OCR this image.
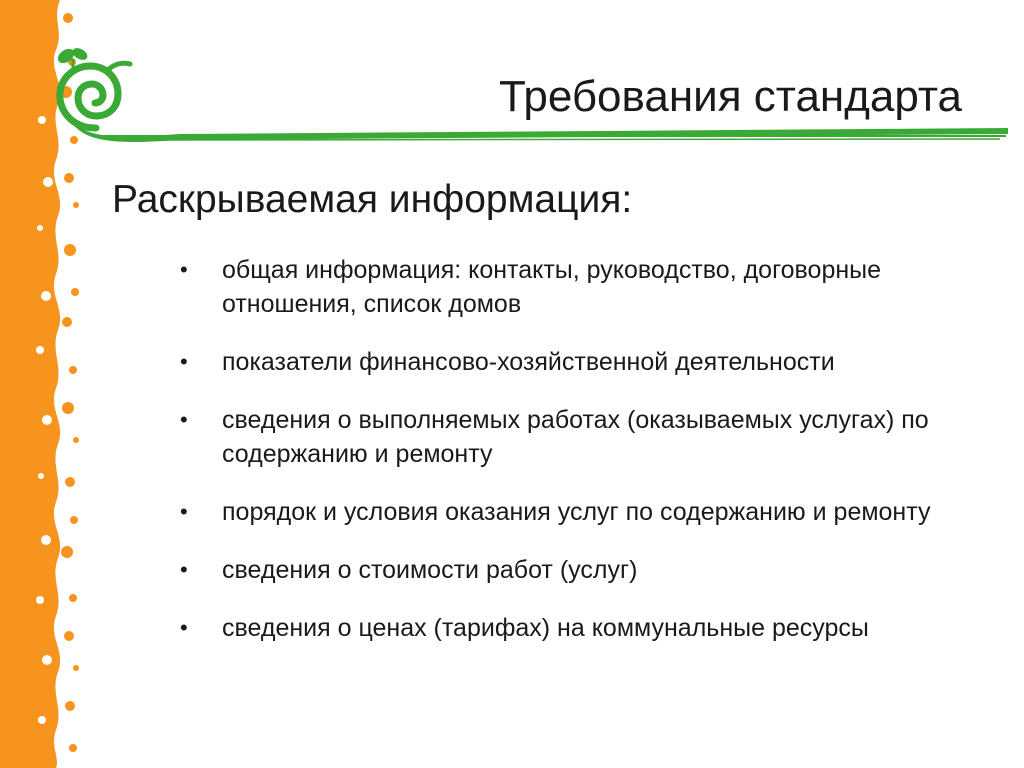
Требования стандарта
Раскрываемая информация:
• общая информация: контакты, руководство, договорные отношения, список домов
• показатели финансово-хозяйственной деятельности
• сведения о выполняемых работах (оказываемых услугах) по содержанию и ремонту
• порядок и условия оказания услуг по содержанию и ремонту
• сведения о стоимости работ (услуг)
• сведения о ценах (тарифах) на коммунальные ресурсы
